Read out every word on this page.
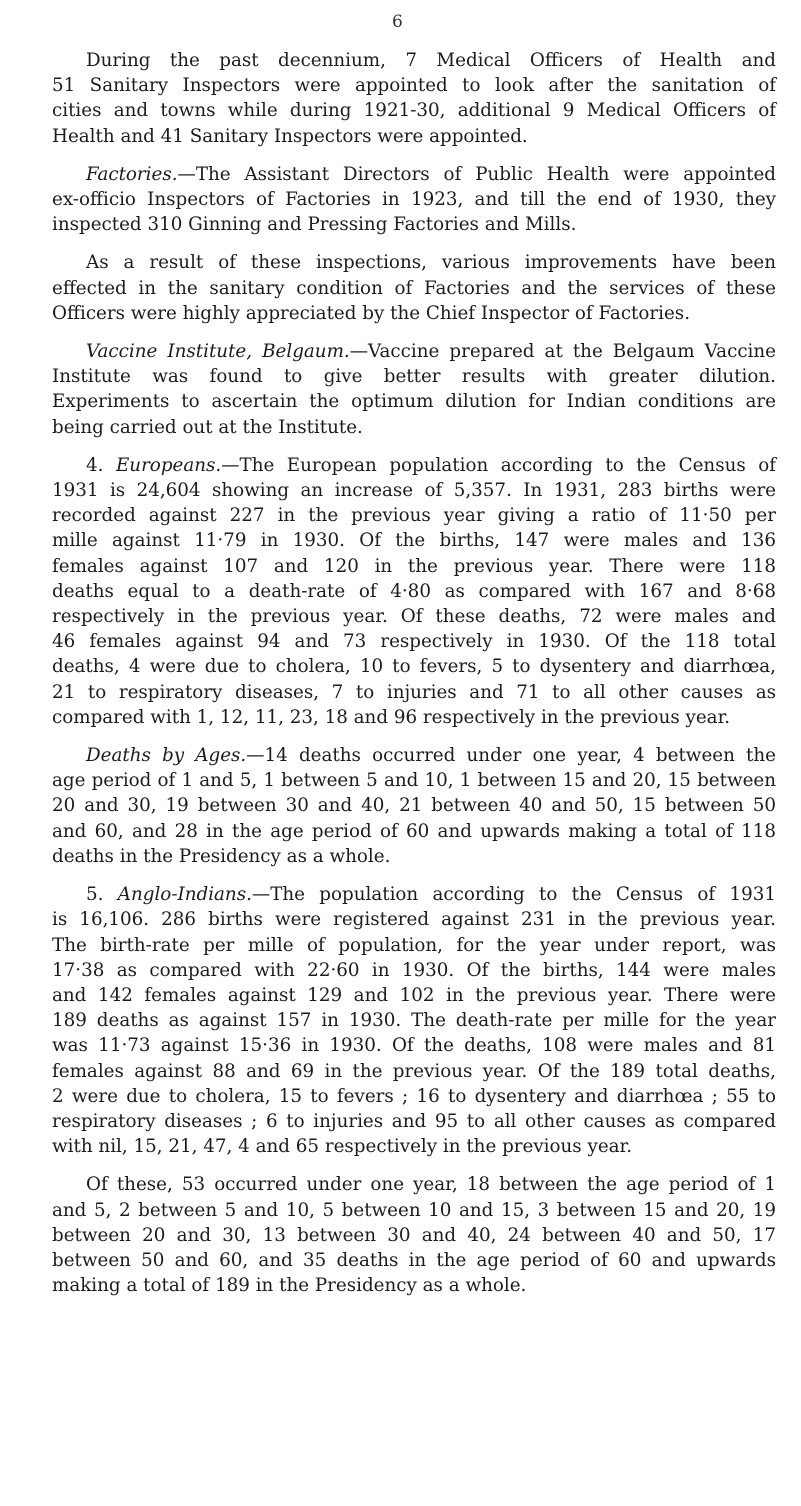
6
During the past decennium, 7 Medical Officers of Health and
51 Sanitary Inspectors were appointed to look after the sanitation of
cities and towns while during 1921-30, additional 9 Medical Officers of
Health and 41 Sanitary Inspectors were appointed.
Factories.—The Assistant Directors of Public Health were appointed
ex-officio Inspectors of Factories in 1923, and till the end of 1930, they
inspected 310 Ginning and Pressing Factories and Mills.
As a result of these inspections, various improvements have been
effected in the sanitary condition of Factories and the services of these
Officers were highly appreciated by the Chief Inspector of Factories.
Vaccine Institute, Belgaum.—Vaccine prepared at the Belgaum Vaccine
Institute was found to give better results with greater dilution.
Experiments to ascertain the optimum dilution for Indian conditions are
being carried out at the Institute.
4. Europeans.—The European population according to the Census of
1931 is 24,604 showing an increase of 5,357. In 1931, 283 births were
recorded against 227 in the previous year giving a ratio of 11·50 per
mille against 11·79 in 1930. Of the births, 147 were males and 136
females against 107 and 120 in the previous year. There were 118
deaths equal to a death-rate of 4·80 as compared with 167 and 8·68
respectively in the previous year. Of these deaths, 72 were males and
46 females against 94 and 73 respectively in 1930. Of the 118 total
deaths, 4 were due to cholera, 10 to fevers, 5 to dysentery and diarrhœa,
21 to respiratory diseases, 7 to injuries and 71 to all other causes as
compared with 1, 12, 11, 23, 18 and 96 respectively in the previous year.
Deaths by Ages.—14 deaths occurred under one year, 4 between the
age period of 1 and 5, 1 between 5 and 10, 1 between 15 and 20, 15 between
20 and 30, 19 between 30 and 40, 21 between 40 and 50, 15 between 50
and 60, and 28 in the age period of 60 and upwards making a total of 118
deaths in the Presidency as a whole.
5. Anglo-Indians.—The population according to the Census of 1931
is 16,106. 286 births were registered against 231 in the previous year.
The birth-rate per mille of population, for the year under report, was
17·38 as compared with 22·60 in 1930. Of the births, 144 were males
and 142 females against 129 and 102 in the previous year. There were
189 deaths as against 157 in 1930. The death-rate per mille for the year
was 11·73 against 15·36 in 1930. Of the deaths, 108 were males and 81
females against 88 and 69 in the previous year. Of the 189 total deaths,
2 were due to cholera, 15 to fevers ; 16 to dysentery and diarrhœa ; 55 to
respiratory diseases ; 6 to injuries and 95 to all other causes as compared
with nil, 15, 21, 47, 4 and 65 respectively in the previous year.
Of these, 53 occurred under one year, 18 between the age period of 1
and 5, 2 between 5 and 10, 5 between 10 and 15, 3 between 15 and 20, 19
between 20 and 30, 13 between 30 and 40, 24 between 40 and 50, 17
between 50 and 60, and 35 deaths in the age period of 60 and upwards
making a total of 189 in the Presidency as a whole.
